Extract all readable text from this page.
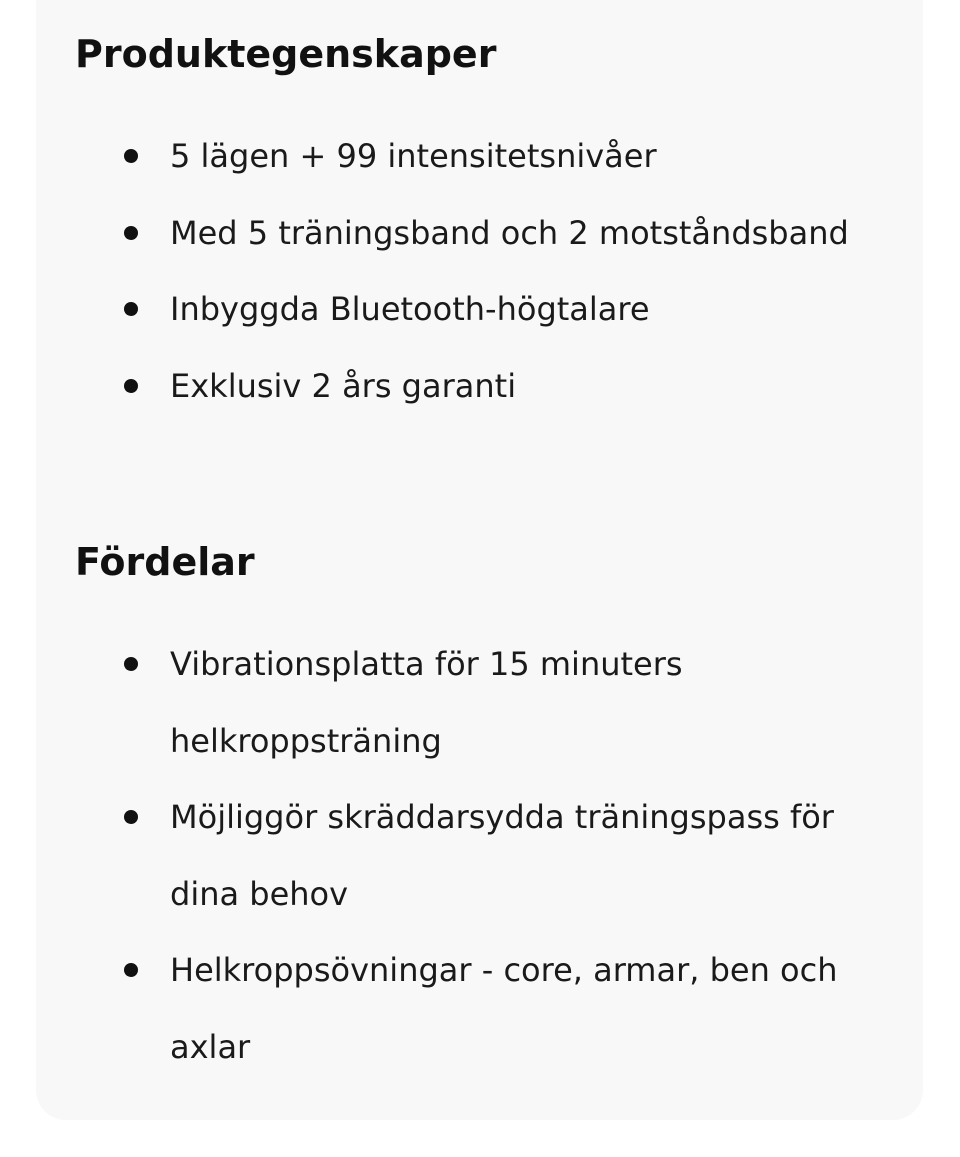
Produktegenskaper
5 lägen + 99 intensitetsnivåer
Med 5 träningsband och 2 motståndsband
Inbyggda Bluetooth-högtalare
Exklusiv 2 års garanti
Fördelar
Vibrationsplatta för 15 minuters helkroppsträning
Möjliggör skräddarsydda träningspass för dina behov
Helkroppsövningar - core, armar, ben och axlar
